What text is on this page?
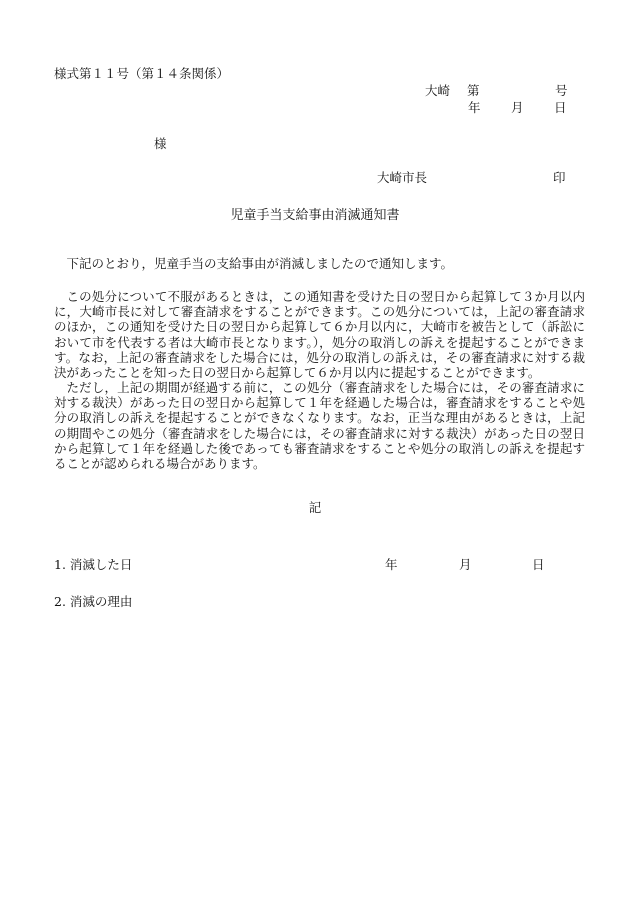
様式第１１号（第１４条関係）
大崎 第	号
年 月 日
様
大崎市長	印
児童手当支給事由消滅通知書
下記のとおり，児童手当の支給事由が消滅しましたので通知します。
この処分について不服があるときは，この通知書を受けた日の翌日から起算して３か月以内に，大崎市長に対して審査請求をすることができます。この処分については，上記の審査請求のほか，この通知を受けた日の翌日から起算して６か月以内に，大崎市を被告として（訴訟において市を代表する者は大崎市長となります。），処分の取消しの訴えを提起することができます。なお，上記の審査請求をした場合には，処分の取消しの訴えは，その審査請求に対する裁決があったことを知った日の翌日から起算して６か月以内に提起することができます。
ただし，上記の期間が経過する前に，この処分（審査請求をした場合には，その審査請求に対する裁決）があった日の翌日から起算して１年を経過した場合は，審査請求をすることや処分の取消しの訴えを提起することができなくなります。なお，正当な理由があるときは，上記の期間やこの処分（審査請求をした場合には，その審査請求に対する裁決）があった日の翌日から起算して１年を経過した後であっても審査請求をすることや処分の取消しの訴えを提起することが認められる場合があります。
記
1. 消滅した日	年	月	日
2. 消滅の理由
